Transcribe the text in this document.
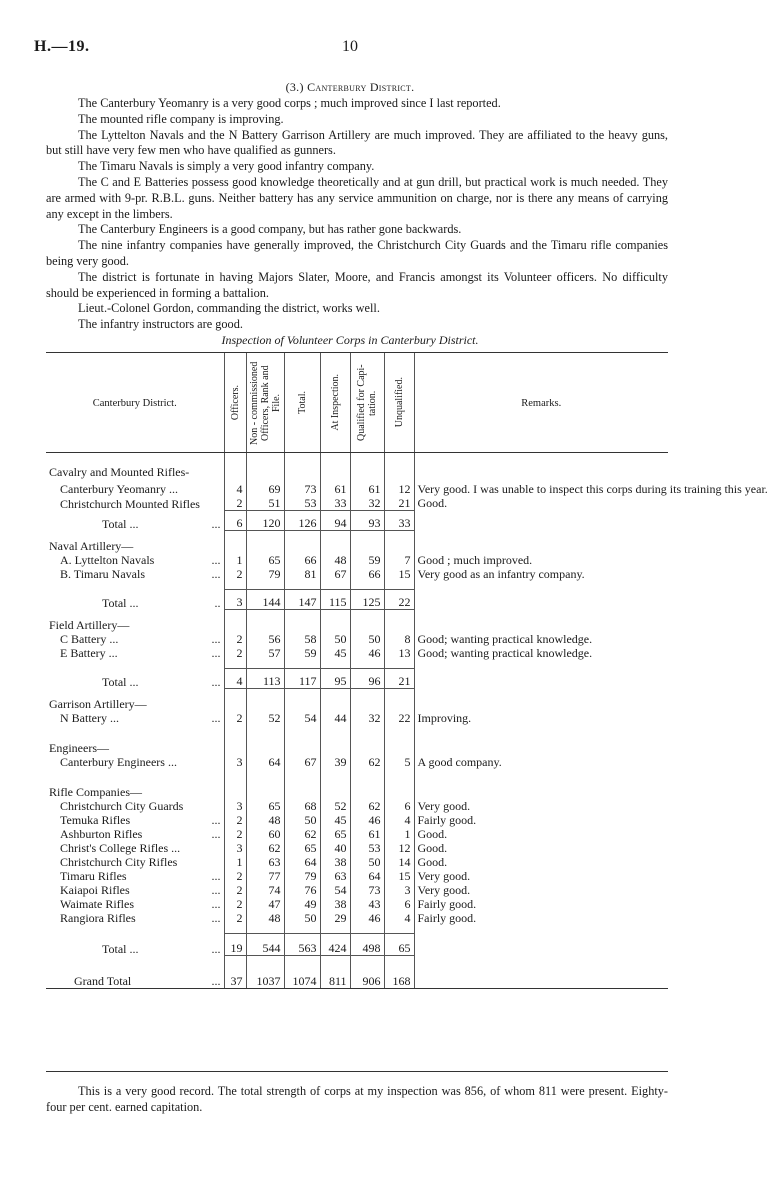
H.—19.	10
(3.) Canterbury District.

The Canterbury Yeomanry is a very good corps ; much improved since I last reported.

The mounted rifle company is improving.

The Lyttelton Navals and the N Battery Garrison Artillery are much improved. They are affiliated to the heavy guns, but still have very few men who have qualified as gunners.

The Timaru Navals is simply a very good infantry company.

The C and E Batteries possess good knowledge theoretically and at gun drill, but practical work is much needed. They are armed with 9-pr. R.B.L. guns. Neither battery has any service ammunition on charge, nor is there any means of carrying any except in the limbers.

The Canterbury Engineers is a good company, but has rather gone backwards.

The nine infantry companies have generally improved, the Christchurch City Guards and the Timaru rifle companies being very good.

The district is fortunate in having Majors Slater, Moore, and Francis amongst its Volunteer officers. No difficulty should be experienced in forming a battalion.

Lieut.-Colonel Gordon, commanding the district, works well.

The infantry instructors are good.

Inspection of Volunteer Corps in Canterbury District.
Canterbury District.	Officers.	Non - commissioned Officers, Rank and File.	Total.	At Inspection.	Qualified for Capi- tation.	Unqualified.	Remarks.

Cavalry and Mounted Rifles-							
Canterbury Yeomanry ...	4	69	73	61	61	12	Very good. I was unable to inspect this corps during its training this year.
Christchurch Mounted Rifles	2	51	53	33	32	21	Good.
Total ... ...	6	120	126	94	93	33	

Naval Artillery—							
A. Lyttelton Navals ...	1	65	66	48	59	7	Good ; much improved.
B. Timaru Navals ...	2	79	81	67	66	15	Very good as an infantry company.

Total ... ..	3	144	147	115	125	22	

Field Artillery—							
C Battery ... ...	2	56	58	50	50	8	Good; wanting practical knowledge.
E Battery ... ...	2	57	59	45	46	13	Good; wanting practical knowledge.

Total ... ...	4	113	117	95	96	21	

Garrison Artillery—							
N Battery ... ...	2	52	54	44	32	22	Improving.

Engineers—							
Canterbury Engineers ...	3	64	67	39	62	5	A good company.

Rifle Companies—							
Christchurch City Guards	3	65	68	52	62	6	Very good.
Temuka Rifles ...	2	48	50	45	46	4	Fairly good.
Ashburton Rifles ...	2	60	62	65	61	1	Good.
Christ's College Rifles ...	3	62	65	40	53	12	Good.
Christchurch City Rifles	1	63	64	38	50	14	Good.
Timaru Rifles ...	2	77	79	63	64	15	Very good.
Kaiapoi Rifles ...	2	74	76	54	73	3	Very good.
Waimate Rifles ...	2	47	49	38	43	6	Fairly good.
Rangiora Rifles ...	2	48	50	29	46	4	Fairly good.

Total ... ...	19	544	563	424	498	65	

Grand Total ...	37	1037	1074	811	906	168	

This is a very good record. The total strength of corps at my inspection was 856, of whom 811 were present. Eighty-four per cent. earned capitation.
